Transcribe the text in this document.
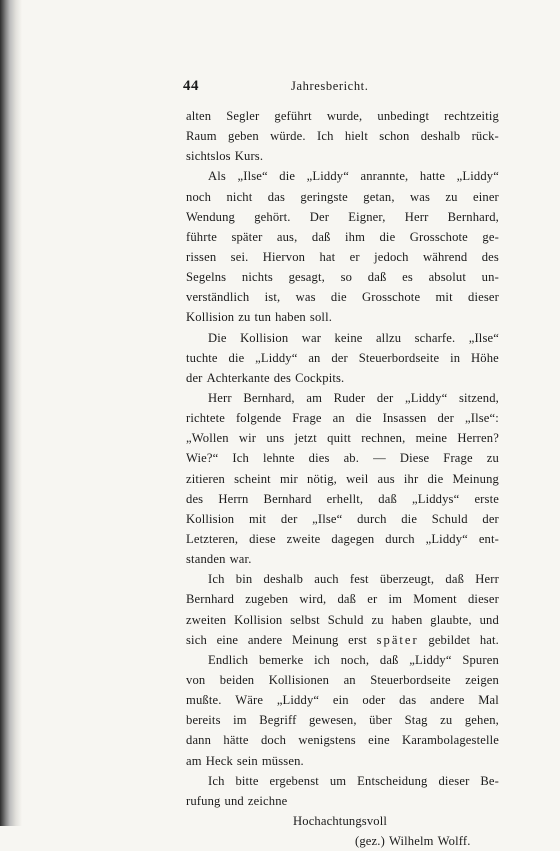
44	Jahresbericht.
alten Segler geführt wurde, unbedingt rechtzeitig
Raum geben würde. Ich hielt schon deshalb rück-
sichtslos Kurs.
Als „Ilse“ die „Liddy“ anrannte, hatte „Liddy“
noch nicht das geringste getan, was zu einer
Wendung gehört. Der Eigner, Herr Bernhard,
führte später aus, daß ihm die Grosschote ge-
rissen sei. Hiervon hat er jedoch während des
Segelns nichts gesagt, so daß es absolut un-
verständlich ist, was die Grosschote mit dieser
Kollision zu tun haben soll.
Die Kollision war keine allzu scharfe. „Ilse“
tuchte die „Liddy“ an der Steuerbordseite in Höhe
der Achterkante des Cockpits.
Herr Bernhard, am Ruder der „Liddy“ sitzend,
richtete folgende Frage an die Insassen der „Ilse“:
„Wollen wir uns jetzt quitt rechnen, meine Herren?
Wie?“ Ich lehnte dies ab. — Diese Frage zu
zitieren scheint mir nötig, weil aus ihr die Meinung
des Herrn Bernhard erhellt, daß „Liddys“ erste
Kollision mit der „Ilse“ durch die Schuld der
Letzteren, diese zweite dagegen durch „Liddy“ ent-
standen war.
Ich bin deshalb auch fest überzeugt, daß Herr
Bernhard zugeben wird, daß er im Moment dieser
zweiten Kollision selbst Schuld zu haben glaubte, und
sich eine andere Meinung erst später gebildet hat.
Endlich bemerke ich noch, daß „Liddy“ Spuren
von beiden Kollisionen an Steuerbordseite zeigen
mußte. Wäre „Liddy“ ein oder das andere Mal
bereits im Begriff gewesen, über Stag zu gehen,
dann hätte doch wenigstens eine Karambolagestelle
am Heck sein müssen.
Ich bitte ergebenst um Entscheidung dieser Be-
rufung und zeichne
Hochachtungsvoll
(gez.) Wilhelm Wolff.
